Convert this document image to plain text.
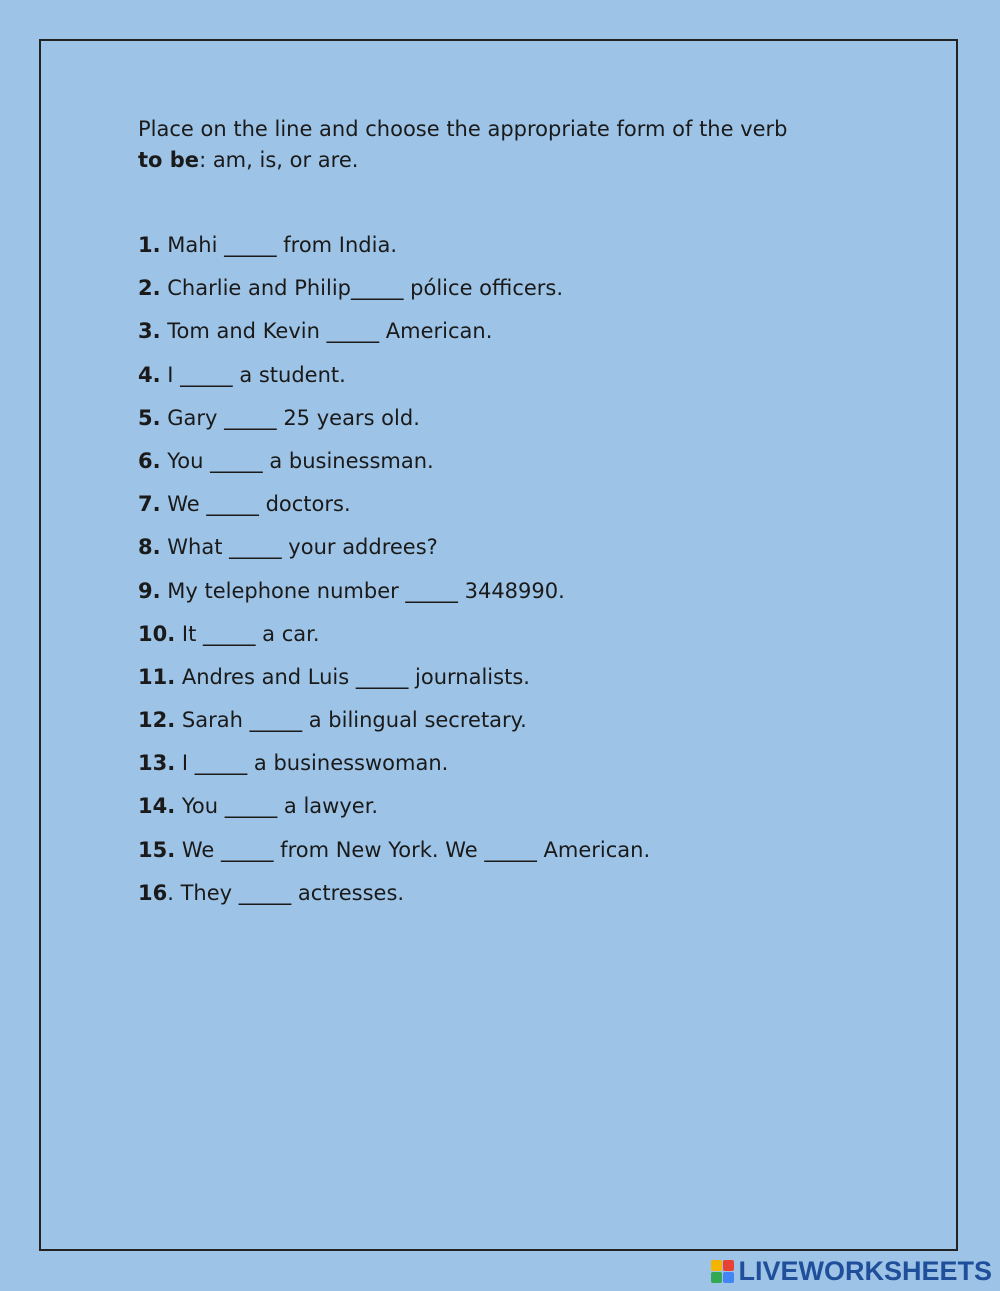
Place on the line and choose the appropriate form of the verb
to be: am, is, or are.
1. Mahi _____ from India.
2. Charlie and Philip_____ pólice officers.
3. Tom and Kevin _____ American.
4. I _____ a student.
5. Gary _____ 25 years old.
6. You _____ a businessman.
7. We _____ doctors.
8. What _____ your addrees?
9. My telephone number _____ 3448990.
10. It _____ a car.
11. Andres and Luis _____ journalists.
12. Sarah _____ a bilingual secretary.
13. I _____ a businesswoman.
14. You _____ a lawyer.
15. We _____ from New York. We _____ American.
16. They _____ actresses.
LIVEWORKSHEETS
